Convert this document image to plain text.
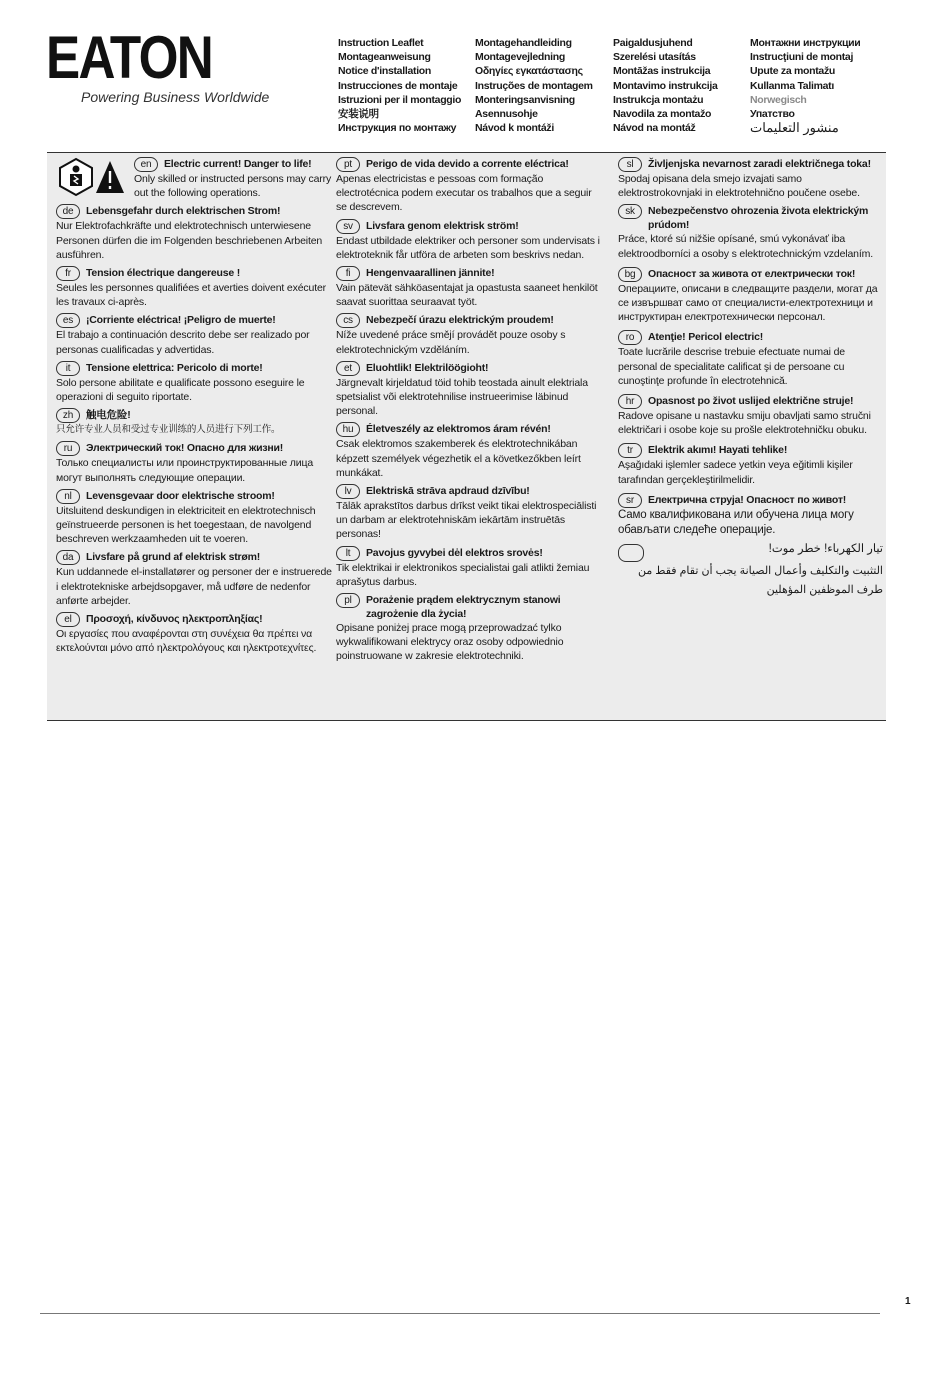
EATON
Powering Business Worldwide
Instruction Leaflet
Montageanweisung
Notice d'installation
Instrucciones de montaje
Istruzioni per il montaggio
安装说明
Инструкция по монтажу
Montagehandleiding
Montagevejledning
Οδηγίες εγκατάστασης
Instruções de montagem
Monteringsanvisning
Asennusohje
Návod k montáži
Paigaldusjuhend
Szerelési utasítás
Montāžas instrukcija
Montavimo instrukcija
Instrukcja montażu
Navodila za montažo
Návod na montáž
Монтажни инструкции
Instrucţiuni de montaj
Upute za montažu
Kullanma Talimatı
Norwegisch
Упатство
منشور التعليمات
en	Electric current! Danger to life!
Only skilled or instructed persons may carry out the following operations.
de	Lebensgefahr durch elektrischen Strom!
Nur Elektrofachkräfte und elektrotechnisch unterwiesene Personen dürfen die im Folgenden beschriebenen Arbeiten ausführen.
fr	Tension électrique dangereuse !
Seules les personnes qualifiées et averties doivent exécuter les travaux ci-après.
es	¡Corriente eléctrica! ¡Peligro de muerte!
El trabajo a continuación descrito debe ser realizado por personas cualificadas y advertidas.
it	Tensione elettrica: Pericolo di morte!
Solo persone abilitate e qualificate possono eseguire le operazioni di seguito riportate.
zh	触电危险!
只允许专业人员和受过专业训练的人员进行下列工作。
ru	Электрический ток! Опасно для жизни!
Только специалисты или проинструктированные лица могут выполнять следующие операции.
nl	Levensgevaar door elektrische stroom!
Uitsluitend deskundigen in elektriciteit en elektrotechnisch geïnstrueerde personen is het toegestaan, de navolgend beschreven werkzaamheden uit te voeren.
da	Livsfare på grund af elektrisk strøm!
Kun uddannede el-installatører og personer der e instruerede i elektrotekniske arbejdsopgaver, må udføre de nedenfor anførte arbejder.
el	Προσοχή, κίνδυνος ηλεκτροπληξίας!
Οι εργασίες που αναφέρονται στη συνέχεια θα πρέπει να εκτελούνται μόνο από ηλεκτρολόγους και ηλεκτροτεχνίτες.
pt	Perigo de vida devido a corrente eléctrica!
Apenas electricistas e pessoas com formação electrotécnica podem executar os trabalhos que a seguir se descrevem.
sv	Livsfara genom elektrisk ström!
Endast utbildade elektriker och personer som undervisats i elektroteknik får utföra de arbeten som beskrivs nedan.
fi	Hengenvaarallinen jännite!
Vain pätevät sähköasentajat ja opastusta saaneet henkilöt saavat suorittaa seuraavat työt.
cs	Nebezpečí úrazu elektrickým proudem!
Níže uvedené práce smějí provádět pouze osoby s elektrotechnickým vzděláním.
et	Eluohtlik! Elektrilöögioht!
Järgnevalt kirjeldatud töid tohib teostada ainult elektriala spetsialist või elektrotehnilise instrueerimise läbinud personal.
hu	Életveszély az elektromos áram révén!
Csak elektromos szakemberek és elektrotechnikában képzett személyek végezhetik el a következőkben leírt munkákat.
lv	Elektriskā strāva apdraud dzīvību!
Tālāk aprakstītos darbus drīkst veikt tikai elektrospeciālisti un darbam ar elektrotehniskām iekārtām instruētās personas!
lt	Pavojus gyvybei dėl elektros srovės!
Tik elektrikai ir elektronikos specialistai gali atlikti žemiau aprašytus darbus.
pl	Porażenie prądem elektrycznym stanowi zagrożenie dla życia!
Opisane poniżej prace mogą przeprowadzać tylko wykwalifikowani elektrycy oraz osoby odpowiednio poinstruowane w zakresie elektrotechniki.
sl	Življenjska nevarnost zaradi električnega toka!
Spodaj opisana dela smejo izvajati samo elektrostrokovnjaki in elektrotehnično poučene osebe.
sk	Nebezpečenstvo ohrozenia života elektrickým prúdom!
Práce, ktoré sú nižšie opísané, smú vykonávať iba elektroodborníci a osoby s elektrotechnickým vzdelaním.
bg	Опасност за живота от електрически ток!
Операциите, описани в следващите раздели, могат да се извършват само от специалисти-електротехници и инструктиран електротехнически персонал.
ro	Atenţie! Pericol electric!
Toate lucrările descrise trebuie efectuate numai de personal de specialitate calificat şi de persoane cu cunoştinţe profunde în electrotehnică.
hr	Opasnost po život uslijed električne struje!
Radove opisane u nastavku smiju obavljati samo stručni električari i osobe koje su prošle elektrotehničku obuku.
tr	Elektrik akımı! Hayati tehlike!
Aşağıdaki işlemler sadece yetkin veya eğitimli kişiler tarafından gerçekleştirilmelidir.
sr	Електрична струја! Опасност по живот!
Само квалификована или обучена лица могу обављати следеће операције.
تيار الكهرباء! خطر موت!
التثبيت والتكليف وأعمال الصيانة يجب أن تقام فقط من طرف الموظفين المؤهلين
1
